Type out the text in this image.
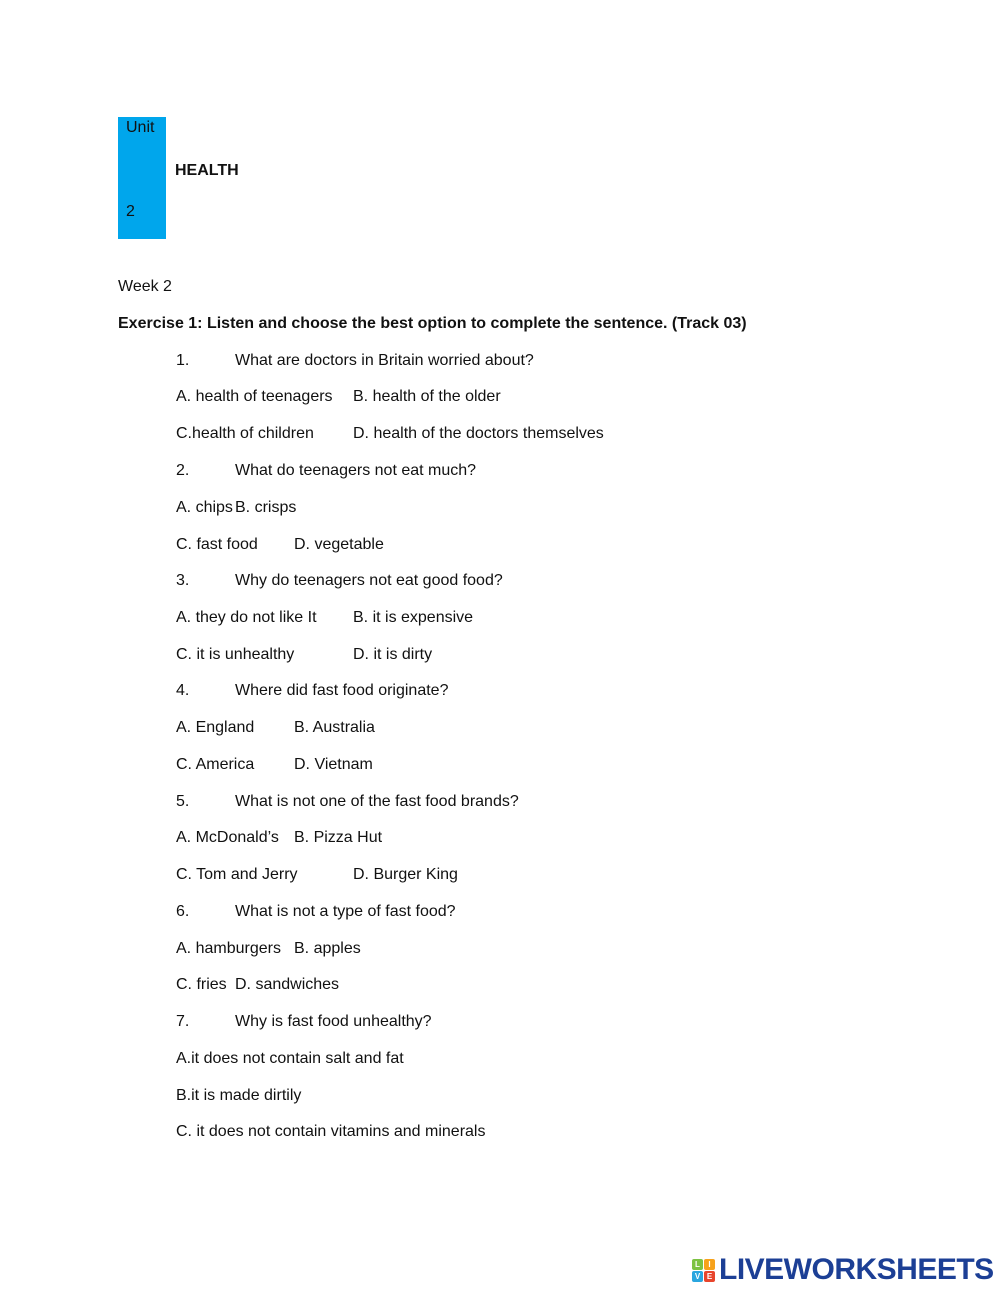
Unit
2
HEALTH
Week 2
Exercise 1: Listen and choose the best option to complete the sentence. (Track 03)
1.	What are doctors in Britain worried about?
A. health of teenagers B. health of the older
C.health of children D. health of the doctors themselves
2.	What do teenagers not eat much?
A. chips B. crisps
C. fast food D. vegetable
3.	Why do teenagers not eat good food?
A. they do not like It B. it is expensive
C. it is unhealthy	D. it is dirty
4.	Where did fast food originate?
A. England B. Australia
C. America D. Vietnam
5.	What is not one of the fast food brands?
A. McDonald’s B. Pizza Hut
C. Tom and Jerry	D. Burger King
6.	What is not a type of fast food?
A. hamburgers B. apples
C. fries D. sandwiches
7.	Why is fast food unhealthy?
A.it does not contain salt and fat
B.it is made dirtily
C. it does not contain vitamins and minerals
L	I
V E LIVEWORKSHEETS
